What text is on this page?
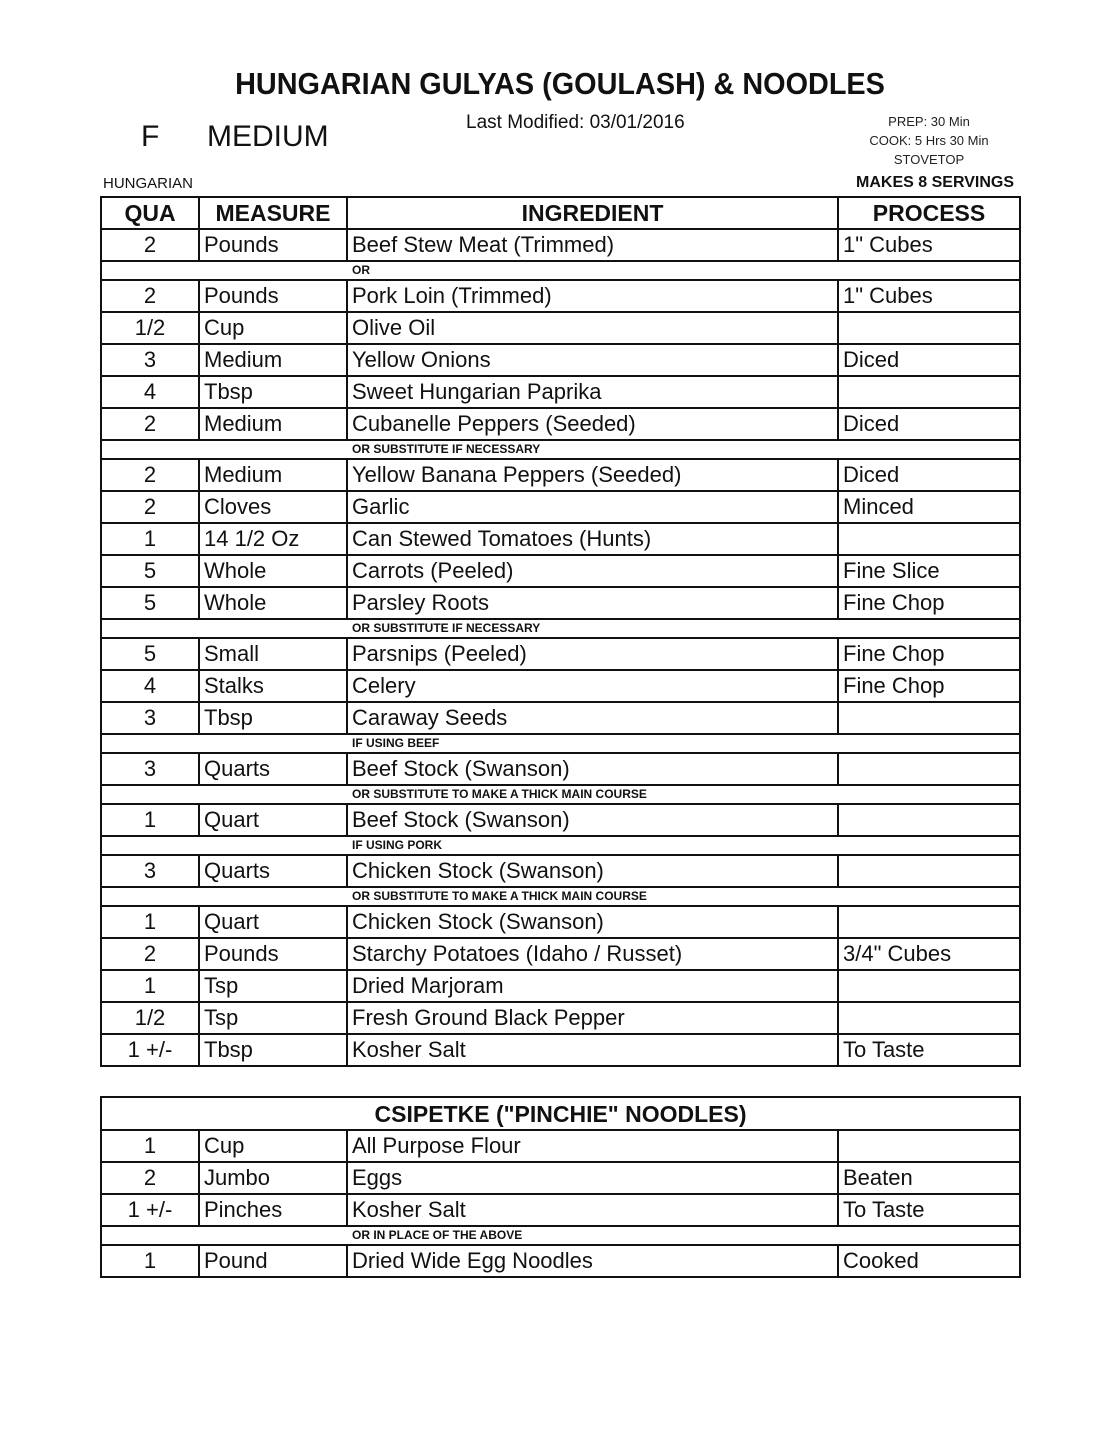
HUNGARIAN GULYAS (GOULASH) & NOODLES
F MEDIUM	Last Modified: 03/01/2016	PREP: 30 Min
COOK: 5 Hrs 30 Min
STOVETOP
HUNGARIAN	MAKES 8 SERVINGS
QUA	MEASURE	INGREDIENT	PROCESS
2	Pounds	Beef Stew Meat (Trimmed)	1" Cubes
OR			
2	Pounds	Pork Loin (Trimmed)	1" Cubes
1/2	Cup	Olive Oil	
3	Medium	Yellow Onions	Diced
4	Tbsp	Sweet Hungarian Paprika	
2	Medium	Cubanelle Peppers (Seeded)	Diced
OR SUBSTITUTE IF NECESSARY			
2	Medium	Yellow Banana Peppers (Seeded)	Diced
2	Cloves	Garlic	Minced
1	14 1/2 Oz	Can Stewed Tomatoes (Hunts)	
5	Whole	Carrots (Peeled)	Fine Slice
5	Whole	Parsley Roots	Fine Chop
OR SUBSTITUTE IF NECESSARY			
5	Small	Parsnips (Peeled)	Fine Chop
4	Stalks	Celery	Fine Chop
3	Tbsp	Caraway Seeds	
IF USING BEEF			
3	Quarts	Beef Stock (Swanson)	
OR SUBSTITUTE TO MAKE A THICK MAIN COURSE			
1	Quart	Beef Stock (Swanson)	
IF USING PORK			
3	Quarts	Chicken Stock (Swanson)	
OR SUBSTITUTE TO MAKE A THICK MAIN COURSE			
1	Quart	Chicken Stock (Swanson)	
2	Pounds	Starchy Potatoes (Idaho / Russet)	3/4" Cubes
1	Tsp	Dried Marjoram	
1/2	Tsp	Fresh Ground Black Pepper	
1 +/-	Tbsp	Kosher Salt	To Taste
CSIPETKE ("PINCHIE" NOODLES)			
1	Cup	All Purpose Flour	
2	Jumbo	Eggs	Beaten
1 +/-	Pinches	Kosher Salt	To Taste
OR IN PLACE OF THE ABOVE			
1	Pound	Dried Wide Egg Noodles	Cooked
